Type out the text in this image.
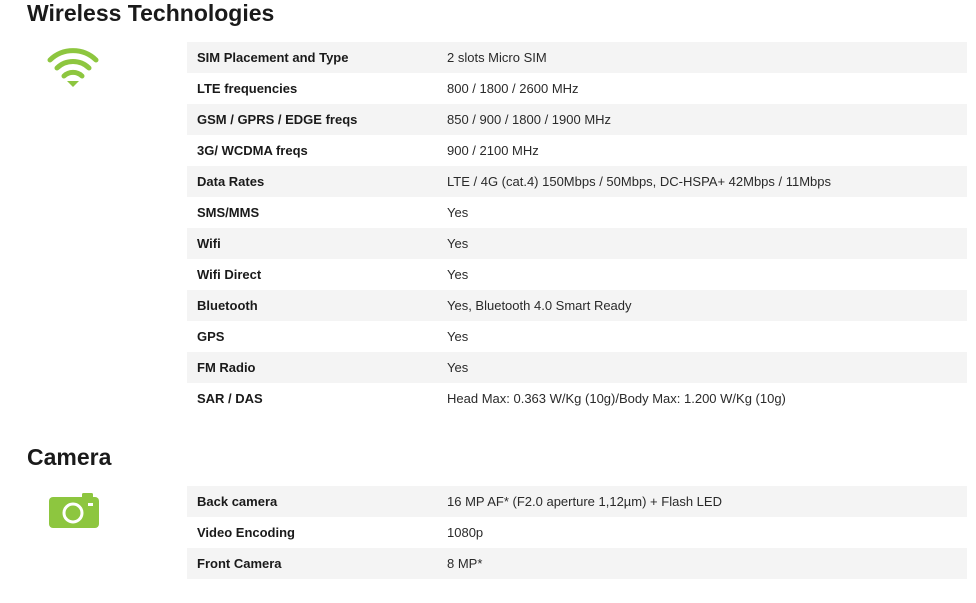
Wireless Technologies
SIM Placement and Type	2 slots Micro SIM
LTE frequencies	800 / 1800 / 2600 MHz
GSM / GPRS / EDGE freqs	850 / 900 / 1800 / 1900 MHz
3G/ WCDMA freqs	900 / 2100 MHz
Data Rates	LTE / 4G (cat.4) 150Mbps / 50Mbps, DC-HSPA+ 42Mbps / 11Mbps
SMS/MMS	Yes
Wifi	Yes
Wifi Direct	Yes
Bluetooth	Yes, Bluetooth 4.0 Smart Ready
GPS	Yes
FM Radio	Yes
SAR / DAS	Head Max: 0.363 W/Kg (10g)/Body Max: 1.200 W/Kg (10g)
Camera
Back camera	16 MP AF* (F2.0 aperture 1,12µm) + Flash LED
Video Encoding	1080p
Front Camera	8 MP*
